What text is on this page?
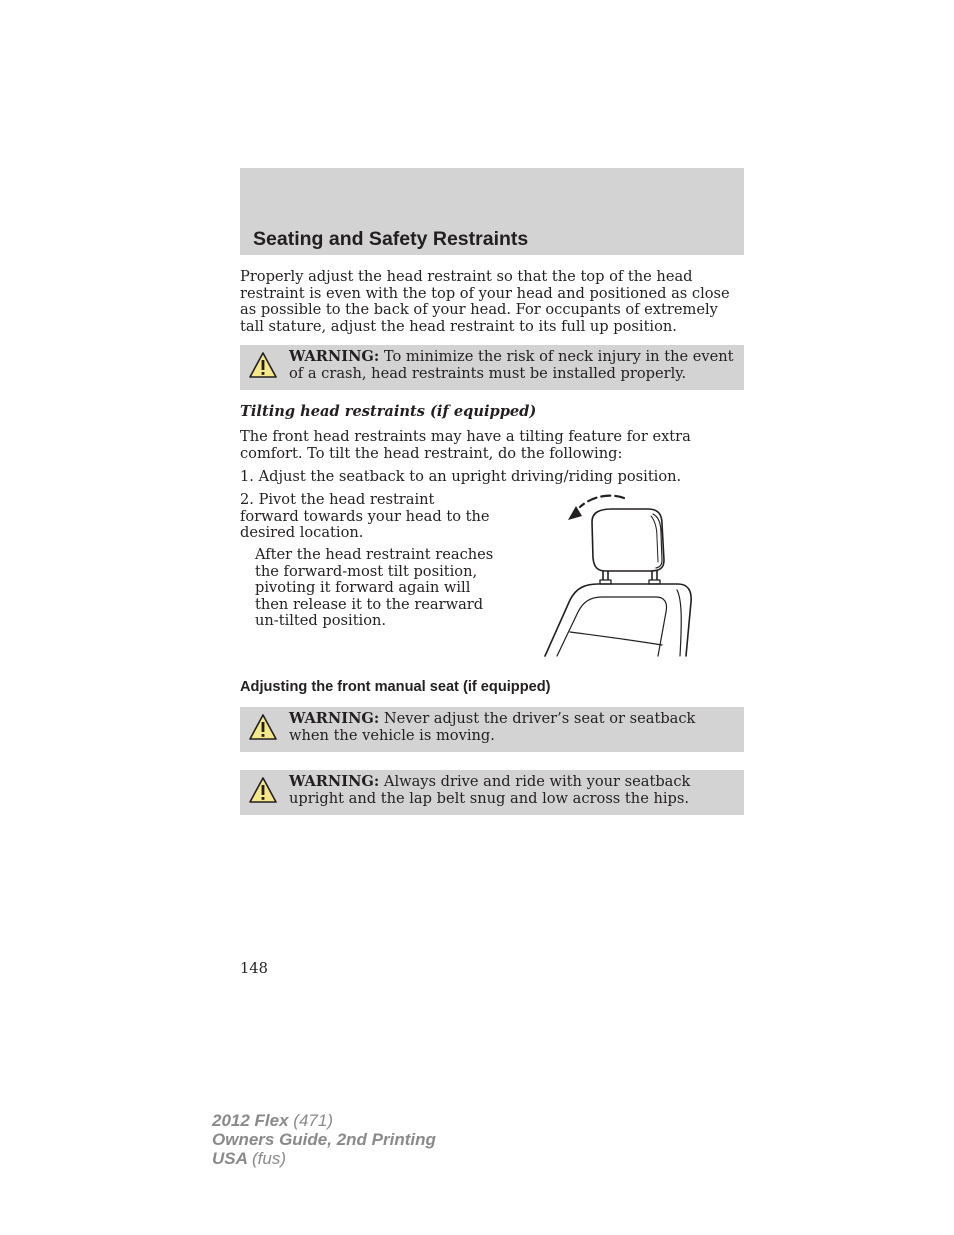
Seating and Safety Restraints

Properly adjust the head restraint so that the top of the head restraint is even with the top of your head and positioned as close as possible to the back of your head. For occupants of extremely tall stature, adjust the head restraint to its full up position.

WARNING: To minimize the risk of neck injury in the event of a crash, head restraints must be installed properly.

Tilting head restraints (if equipped)

The front head restraints may have a tilting feature for extra comfort. To tilt the head restraint, do the following:

1. Adjust the seatback to an upright driving/riding position.

2. Pivot the head restraint forward towards your head to the desired location.

After the head restraint reaches the forward-most tilt position, pivoting it forward again will then release it to the rearward un-tilted position.

Adjusting the front manual seat (if equipped)

WARNING: Never adjust the driver’s seat or seatback when the vehicle is moving.

WARNING: Always drive and ride with your seatback upright and the lap belt snug and low across the hips.

148

2012 Flex (471)
Owners Guide, 2nd Printing
USA (fus)
